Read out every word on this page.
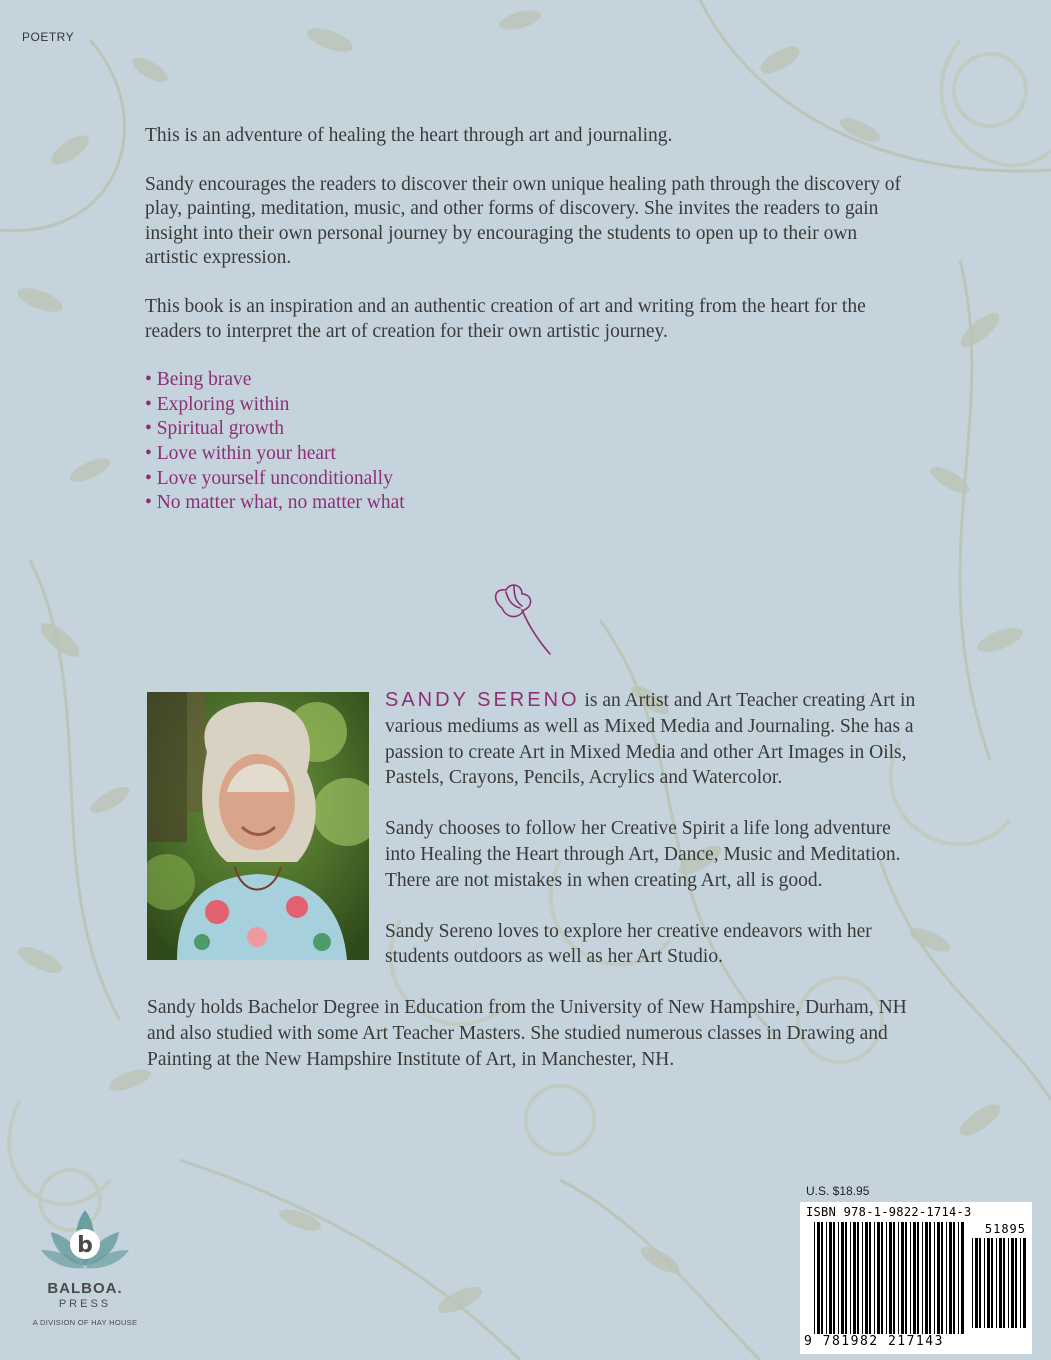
POETRY

This is an adventure of healing the heart through art and journaling.

Sandy encourages the readers to discover their own unique healing path through the discovery of play, painting, meditation, music, and other forms of discovery. She invites the readers to gain insight into their own personal journey by encouraging the students to open up to their own artistic expression.

This book is an inspiration and an authentic creation of art and writing from the heart for the readers to interpret the art of creation for their own artistic journey.

• Being brave
• Exploring within
• Spiritual growth
• Love within your heart
• Love yourself unconditionally
• No matter what, no matter what

SANDY SERENO is an Artist and Art Teacher creating Art in various mediums as well as Mixed Media and Journaling. She has a passion to create Art in Mixed Media and other Art Images in Oils, Pastels, Crayons, Pencils, Acrylics and Watercolor.

Sandy chooses to follow her Creative Spirit a life long adventure into Healing the Heart through Art, Dance, Music and Meditation. There are not mistakes in when creating Art, all is good.

Sandy Sereno loves to explore her creative endeavors with her students outdoors as well as her Art Studio.

Sandy holds Bachelor Degree in Education from the University of New Hampshire, Durham, NH and also studied with some Art Teacher Masters. She studied numerous classes in Drawing and Painting at the New Hampshire Institute of Art, in Manchester, NH.

b
BALBOA.
PRESS
A DIVISION OF HAY HOUSE
U.S. $18.95
ISBN 978-1-9822-1714-3
51895
9 781982 217143
